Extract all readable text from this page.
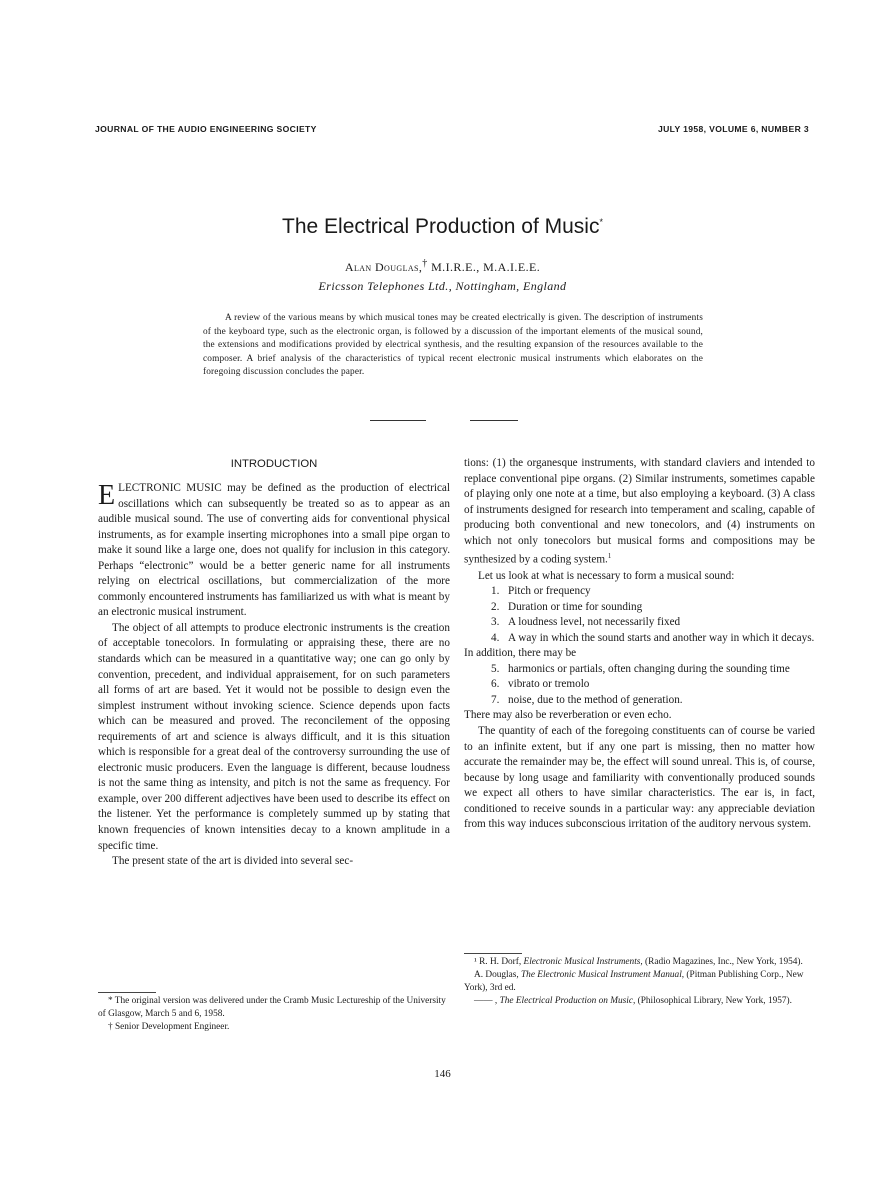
JOURNAL OF THE AUDIO ENGINEERING SOCIETY	JULY 1958, VOLUME 6, NUMBER 3
The Electrical Production of Music*
Alan Douglas,† M.I.R.E., M.A.I.E.E.
Ericsson Telephones Ltd., Nottingham, England
A review of the various means by which musical tones may be created electrically is given. The description of instruments of the keyboard type, such as the electronic organ, is followed by a discussion of the important elements of the musical sound, the extensions and modifications provided by electrical synthesis, and the resulting expansion of the resources available to the composer. A brief analysis of the characteristics of typical recent electronic musical instruments which elaborates on the foregoing discussion concludes the paper.
INTRODUCTION

ELECTRONIC MUSIC may be defined as the production of electrical oscillations which can subsequently be treated so as to appear as an audible musical sound. The use of converting aids for conventional physical instruments, as for example inserting microphones into a small pipe organ to make it sound like a large one, does not qualify for inclusion in this category. Perhaps “electronic” would be a better generic name for all instruments relying on electrical oscillations, but commercialization of the more commonly encountered instruments has familiarized us with what is meant by an electronic musical instrument.

The object of all attempts to produce electronic instruments is the creation of acceptable tonecolors. In formulating or appraising these, there are no standards which can be measured in a quantitative way; one can go only by convention, precedent, and individual appraisement, for on such parameters all forms of art are based. Yet it would not be possible to design even the simplest instrument without invoking science. Science depends upon facts which can be measured and proved. The reconcilement of the opposing requirements of art and science is always difficult, and it is this situation which is responsible for a great deal of the controversy surrounding the use of electronic music producers. Even the language is different, because loudness is not the same thing as intensity, and pitch is not the same as frequency. For example, over 200 different adjectives have been used to describe its effect on the listener. Yet the performance is completely summed up by stating that known frequencies of known intensities decay to a known amplitude in a specific time.

The present state of the art is divided into several sec-

* The original version was delivered under the Cramb Music Lectureship of the University of Glasgow, March 5 and 6, 1958.

† Senior Development Engineer.

tions: (1) the organesque instruments, with standard claviers and intended to replace conventional pipe organs. (2) Similar instruments, sometimes capable of playing only one note at a time, but also employing a keyboard. (3) A class of instruments designed for research into temperament and scaling, capable of producing both conventional and new tonecolors, and (4) instruments on which not only tonecolors but musical forms and compositions may be synthesized by a coding system.$^1$

Let us look at what is necessary to form a musical sound:

1. Pitch or frequency
2. Duration or time for sounding
3. A loudness level, not necessarily fixed
4. A way in which the sound starts and another way in which it decays.

In addition, there may be

5. harmonics or partials, often changing during the sounding time
6. vibrato or tremolo
7. noise, due to the method of generation.

There may also be reverberation or even echo.

The quantity of each of the foregoing constituents can of course be varied to an infinite extent, but if any one part is missing, then no matter how accurate the remainder may be, the effect will sound unreal. This is, of course, because by long usage and familiarity with conventionally produced sounds we expect all others to have similar characteristics. The ear is, in fact, conditioned to receive sounds in a particular way: any appreciable deviation from this way induces subconscious irritation of the auditory nervous system.

¹ R. H. Dorf, Electronic Musical Instruments, (Radio Magazines, Inc., New York, 1954).

A. Douglas, The Electronic Musical Instrument Manual, (Pitman Publishing Corp., New York), 3rd ed.

—— , The Electrical Production on Music, (Philosophical Library, New York, 1957).

146
